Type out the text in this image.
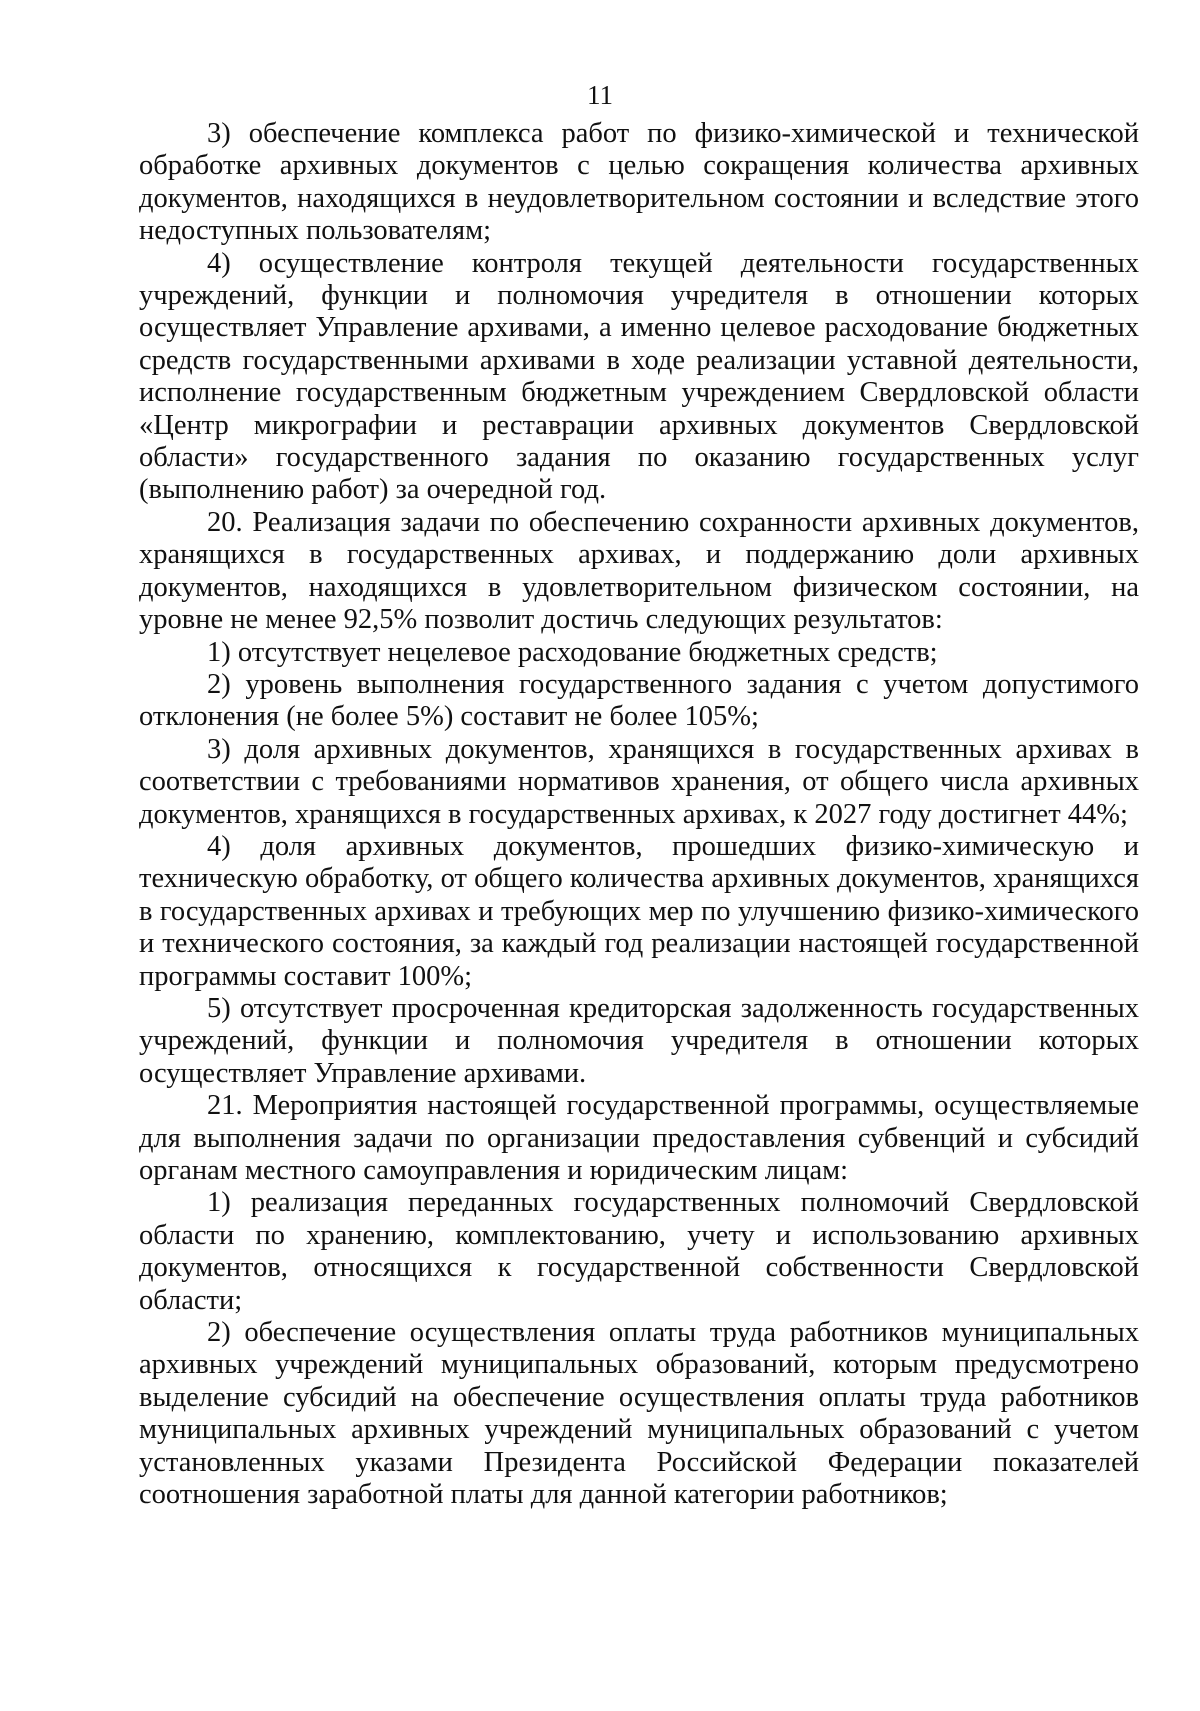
11

3) обеспечение комплекса работ по физико-химической и технической обработке архивных документов с целью сокращения количества архивных документов, находящихся в неудовлетворительном состоянии и вследствие этого недоступных пользователям;

4) осуществление контроля текущей деятельности государственных учреждений, функции и полномочия учредителя в отношении которых осуществляет Управление архивами, а именно целевое расходование бюджетных средств государственными архивами в ходе реализации уставной деятельности, исполнение государственным бюджетным учреждением Свердловской области «Центр микрографии и реставрации архивных документов Свердловской области» государственного задания по оказанию государственных услуг (выполнению работ) за очередной год.

20. Реализация задачи по обеспечению сохранности архивных документов, хранящихся в государственных архивах, и поддержанию доли архивных документов, находящихся в удовлетворительном физическом состоянии, на уровне не менее 92,5% позволит достичь следующих результатов:

1) отсутствует нецелевое расходование бюджетных средств;

2) уровень выполнения государственного задания с учетом допустимого отклонения (не более 5%) составит не более 105%;

3) доля архивных документов, хранящихся в государственных архивах в соответствии с требованиями нормативов хранения, от общего числа архивных документов, хранящихся в государственных архивах, к 2027 году достигнет 44%;

4) доля архивных документов, прошедших физико-химическую и техническую обработку, от общего количества архивных документов, хранящихся в государственных архивах и требующих мер по улучшению физико-химического и технического состояния, за каждый год реализации настоящей государственной программы составит 100%;

5) отсутствует просроченная кредиторская задолженность государственных учреждений, функции и полномочия учредителя в отношении которых осуществляет Управление архивами.

21. Мероприятия настоящей государственной программы, осуществляемые для выполнения задачи по организации предоставления субвенций и субсидий органам местного самоуправления и юридическим лицам:

1) реализация переданных государственных полномочий Свердловской области по хранению, комплектованию, учету и использованию архивных документов, относящихся к государственной собственности Свердловской области;

2) обеспечение осуществления оплаты труда работников муниципальных архивных учреждений муниципальных образований, которым предусмотрено выделение субсидий на обеспечение осуществления оплаты труда работников муниципальных архивных учреждений муниципальных образований с учетом установленных указами Президента Российской Федерации показателей соотношения заработной платы для данной категории работников;
